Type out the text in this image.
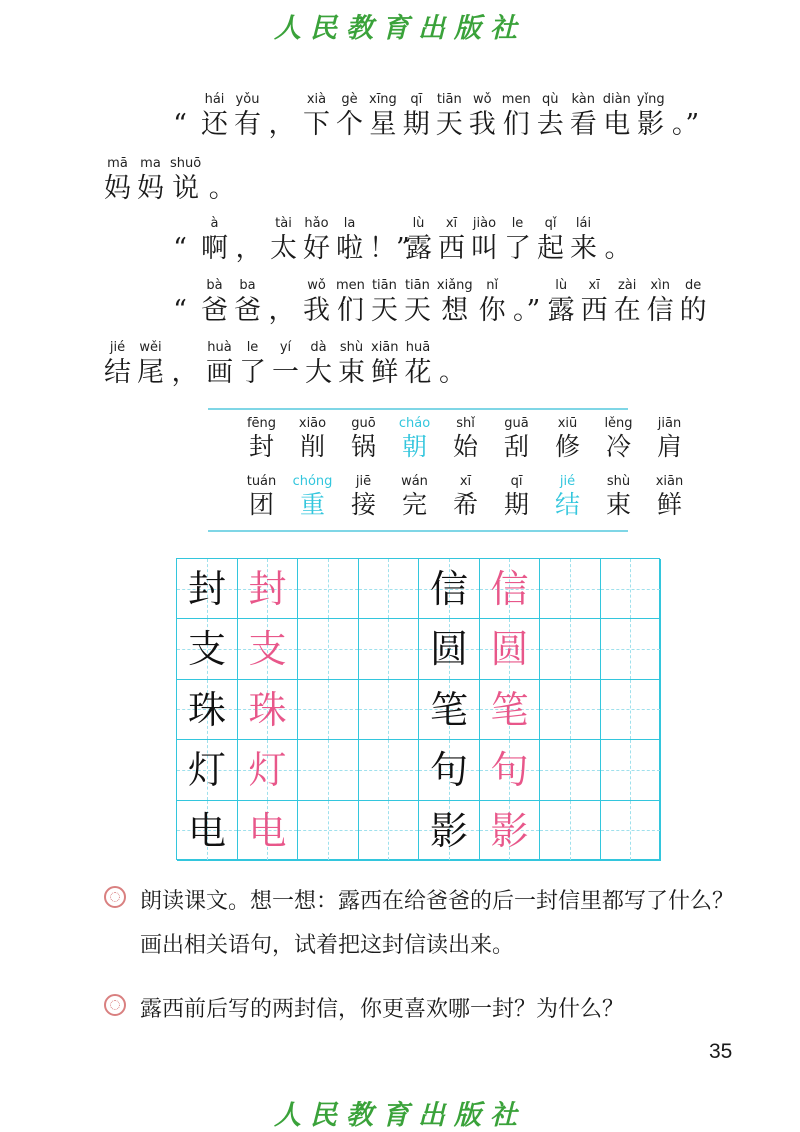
人民教育出版社
“
hái
还
yǒu
有 ，
xià
下
gè
个
xīng
星
qī
期
tiān
天
wǒ
我
men
们
qù
去
kàn
看
diàn
电
yǐng
影 。”
mā
妈
ma
妈
shuō
说 。
“
à
啊 ，
tài
太
hǎo
好
la
啦 ！”
lù
露
xī
西
jiào
叫
le
了
qǐ
起
lái
来 。
“
bà
爸
ba
爸 ，
wǒ
我
men
们
tiān
天
tiān
天
xiǎng
想
nǐ
你 。”
lù
露
xī
西
zài
在
xìn
信
de
的
jié
结
wěi
尾 ，
huà
画
le
了
yí
一
dà
大
shù
束
xiān
鲜
huā
花 。
fēng
封
xiāo
削
guō
锅
cháo
朝
shǐ
始
guā
刮
xiū
修
lěng
冷
jiān
肩
tuán
团
chóng
重
jiē
接
wán
完
xī
希
qī
期
jié
结
shù
束
xiān
鲜
封 封
支 支
珠 珠
灯 灯
电 电
信 信
圆 圆
笔 笔
句 句
影 影
朗读课文。想一想：露西在给爸爸的后一封信里都写了什么？画出相关语句，试着把这封信读出来。
露西前后写的两封信，你更喜欢哪一封？为什么？
35
人民教育出版社
